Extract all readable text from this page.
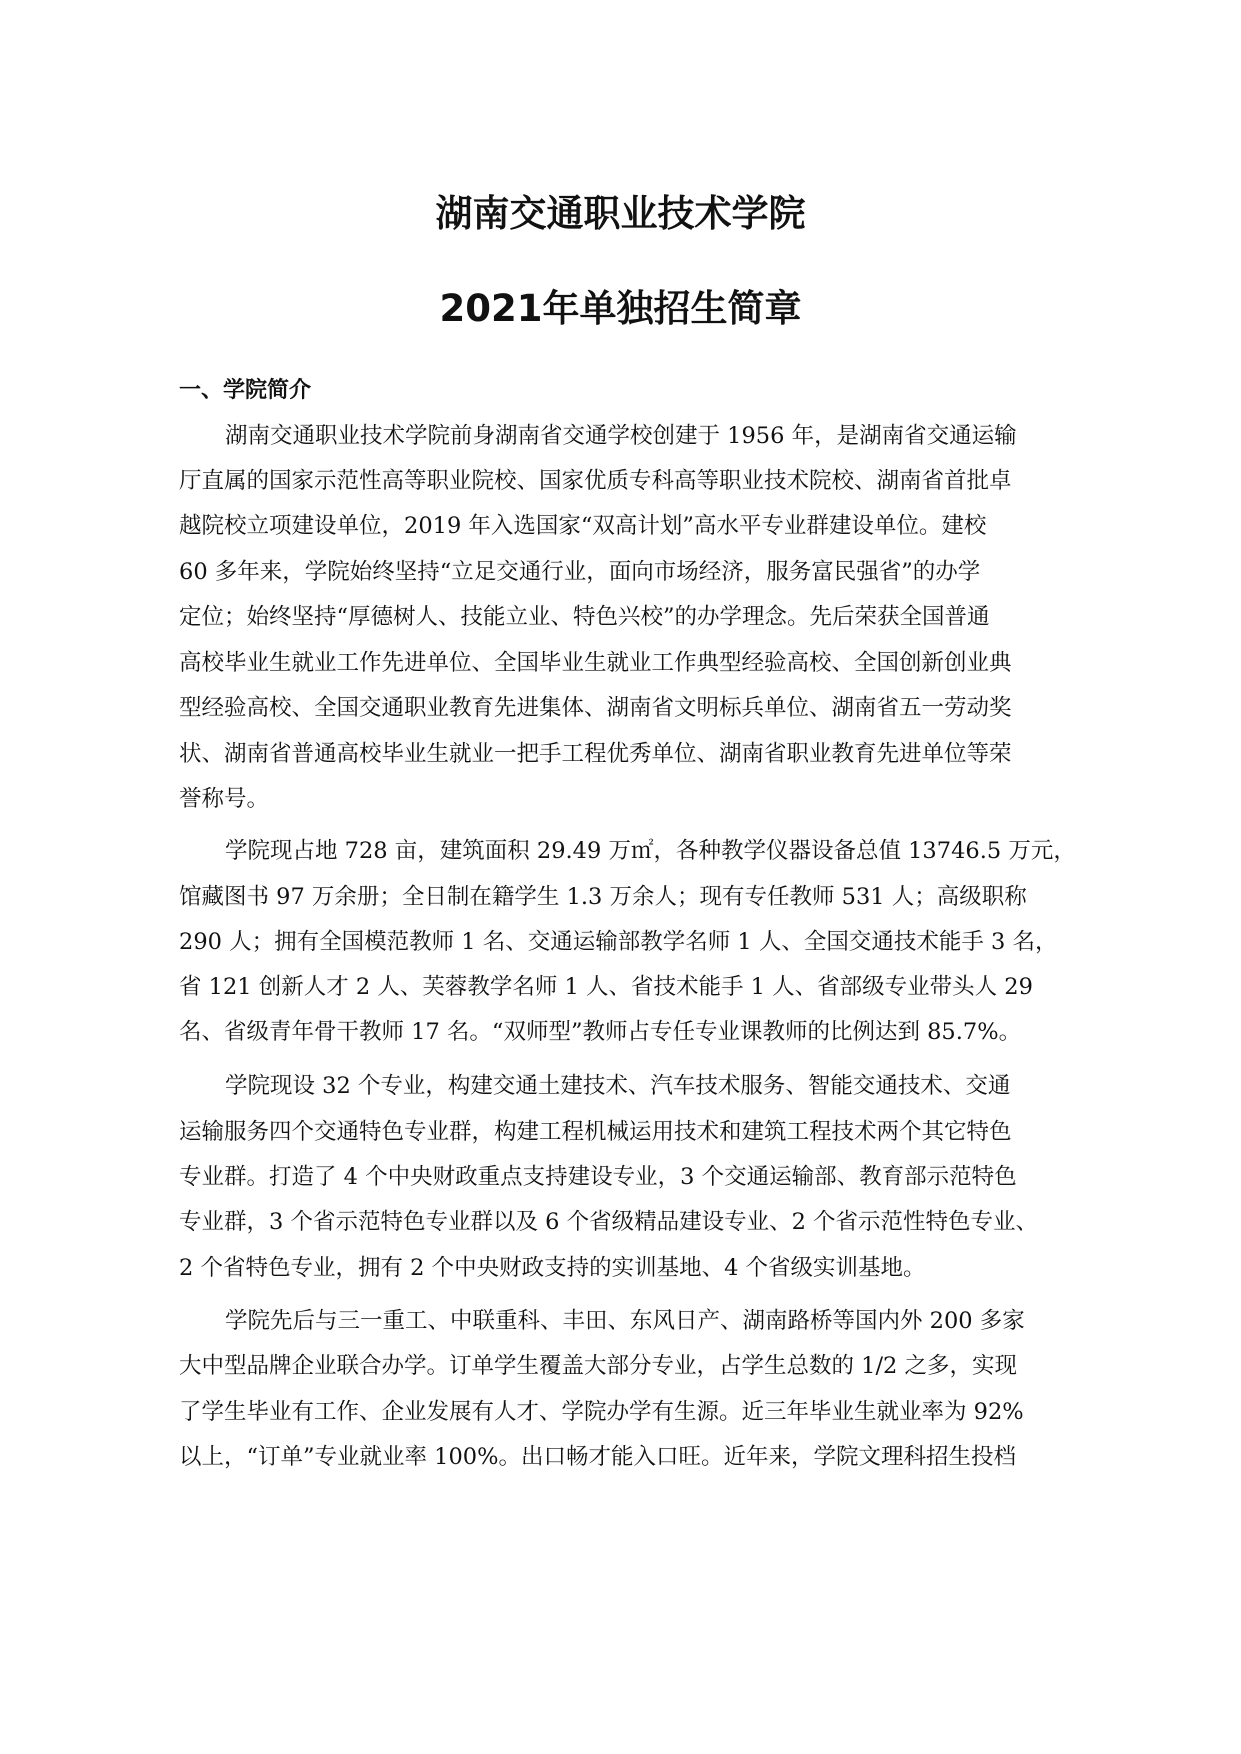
湖南交通职业技术学院
2021年单独招生简章
一、学院简介

湖南交通职业技术学院前身湖南省交通学校创建于 1956 年，是湖南省交通运输

厅直属的国家示范性高等职业院校、国家优质专科高等职业技术院校、湖南省首批卓

越院校立项建设单位，2019 年入选国家“双高计划”高水平专业群建设单位。建校

60 多年来，学院始终坚持“立足交通行业，面向市场经济，服务富民强省”的办学

定位；始终坚持“厚德树人、技能立业、特色兴校”的办学理念。先后荣获全国普通

高校毕业生就业工作先进单位、全国毕业生就业工作典型经验高校、全国创新创业典

型经验高校、全国交通职业教育先进集体、湖南省文明标兵单位、湖南省五一劳动奖

状、湖南省普通高校毕业生就业一把手工程优秀单位、湖南省职业教育先进单位等荣

誉称号。

学院现占地 728 亩，建筑面积 29.49 万㎡，各种教学仪器设备总值 13746.5 万元，

馆藏图书 97 万余册；全日制在籍学生 1.3 万余人；现有专任教师 531 人；高级职称

290 人；拥有全国模范教师 1 名、交通运输部教学名师 1 人、全国交通技术能手 3 名，

省 121 创新人才 2 人、芙蓉教学名师 1 人、省技术能手 1 人、省部级专业带头人 29

名、省级青年骨干教师 17 名。“双师型”教师占专任专业课教师的比例达到 85.7%。

学院现设 32 个专业，构建交通土建技术、汽车技术服务、智能交通技术、交通

运输服务四个交通特色专业群，构建工程机械运用技术和建筑工程技术两个其它特色

专业群。打造了 4 个中央财政重点支持建设专业，3 个交通运输部、教育部示范特色

专业群，3 个省示范特色专业群以及 6 个省级精品建设专业、2 个省示范性特色专业、

2 个省特色专业，拥有 2 个中央财政支持的实训基地、4 个省级实训基地。

学院先后与三一重工、中联重科、丰田、东风日产、湖南路桥等国内外 200 多家

大中型品牌企业联合办学。订单学生覆盖大部分专业，占学生总数的 1/2 之多，实现

了学生毕业有工作、企业发展有人才、学院办学有生源。近三年毕业生就业率为 92%

以上，“订单”专业就业率 100%。出口畅才能入口旺。近年来，学院文理科招生投档
